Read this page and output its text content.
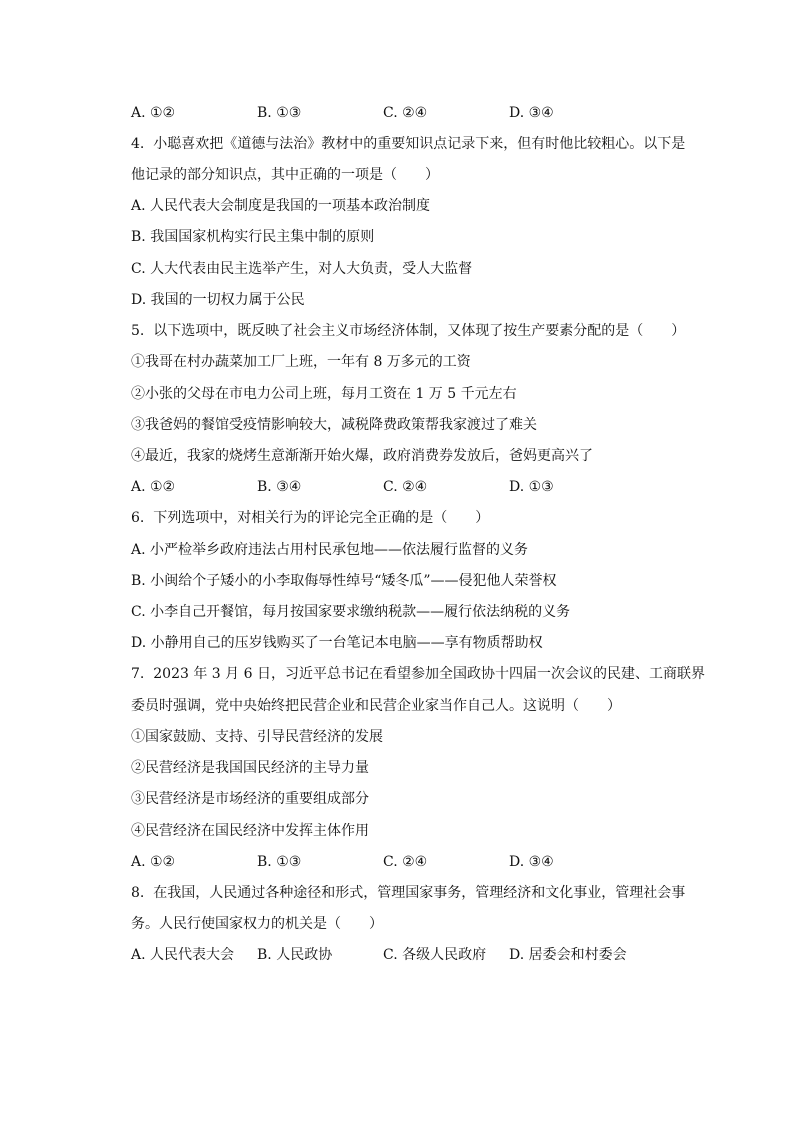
A. ①②	B. ①③	C. ②④	D. ③④
4.  小聪喜欢把《道德与法治》教材中的重要知识点记录下来，但有时他比较粗心。以下是
他记录的部分知识点，其中正确的一项是（　　）
A. 人民代表大会制度是我国的一项基本政治制度
B. 我国国家机构实行民主集中制的原则
C. 人大代表由民主选举产生，对人大负责，受人大监督
D. 我国的一切权力属于公民
5.  以下选项中，既反映了社会主义市场经济体制，又体现了按生产要素分配的是（　　）
①我哥在村办蔬菜加工厂上班，一年有 8 万多元的工资
②小张的父母在市电力公司上班，每月工资在 1 万 5 千元左右
③我爸妈的餐馆受疫情影响较大，减税降费政策帮我家渡过了难关
④最近，我家的烧烤生意渐渐开始火爆，政府消费券发放后，爸妈更高兴了
A. ①②	B. ③④	C. ②④	D. ①③
6.  下列选项中，对相关行为的评论完全正确的是（　　）
A. 小严检举乡政府违法占用村民承包地——依法履行监督的义务
B. 小闽给个子矮小的小李取侮辱性绰号“矮冬瓜”——侵犯他人荣誉权
C. 小李自己开餐馆，每月按国家要求缴纳税款——履行依法纳税的义务
D. 小静用自己的压岁钱购买了一台笔记本电脑——享有物质帮助权
7.  2023 年 3 月 6 日，习近平总书记在看望参加全国政协十四届一次会议的民建、工商联界
委员时强调，党中央始终把民营企业和民营企业家当作自己人。这说明（　　）
①国家鼓励、支持、引导民营经济的发展
②民营经济是我国国民经济的主导力量
③民营经济是市场经济的重要组成部分
④民营经济在国民经济中发挥主体作用
A. ①②	B. ①③	C. ②④	D. ③④
8.  在我国，人民通过各种途径和形式，管理国家事务，管理经济和文化事业，管理社会事
务。人民行使国家权力的机关是（　　）
A. 人民代表大会 B. 人民政协	C. 各级人民政府 D. 居委会和村委会
